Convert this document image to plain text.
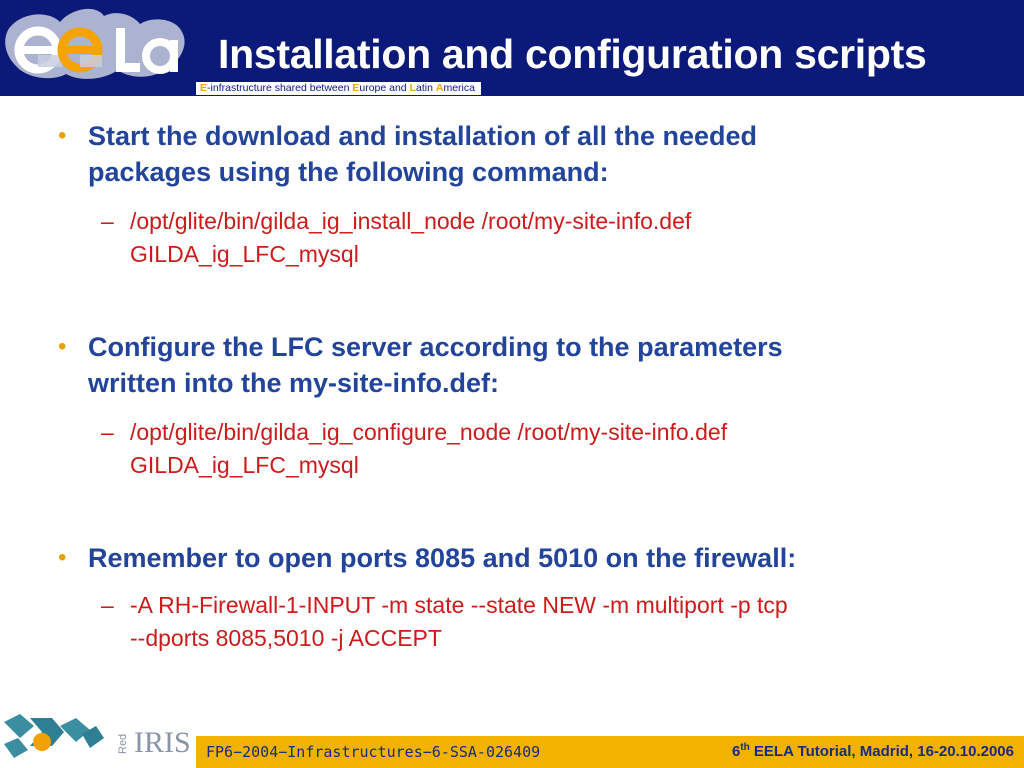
Installation and configuration scripts
E-infrastructure shared between Europe and Latin America
• Start the download and installation of all the needed
packages using the following command:
– /opt/glite/bin/gilda_ig_install_node /root/my-site-info.def
GILDA_ig_LFC_mysql
• Configure the LFC server according to the parameters
written into the my-site-info.def:
– /opt/glite/bin/gilda_ig_configure_node /root/my-site-info.def
GILDA_ig_LFC_mysql
• Remember to open ports 8085 and 5010 on the firewall:
– -A RH-Firewall-1-INPUT -m state --state NEW -m multiport -p tcp
--dports 8085,5010 -j ACCEPT
Red IRIS FP6−2004−Infrastructures−6-SSA-026409	6th EELA Tutorial, Madrid, 16-20.10.2006
